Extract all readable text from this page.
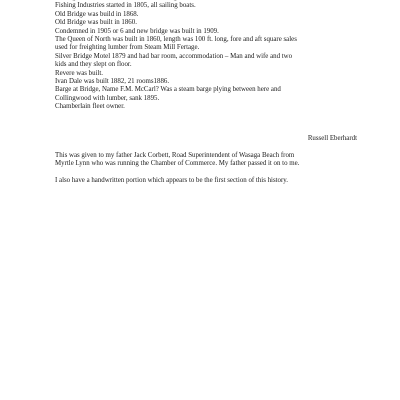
Fishing Industries started in 1805, all sailing boats.
Old Bridge was build in 1868.
Old Bridge was built in 1860.
Condemned in 1905 or 6 and new bridge was built in 1909.
The Queen of North was built in 1860, length was 100 ft. long, fore and aft square sales
used for freighting lumber from Steam Mill Fertage.
Silver Bridge Motel 1879 and had bar room, accommodation – Man and wife and two
kids and they slept on floor.
Revere was built.
Ivan Dale was built 1882, 21 rooms1886.
Barge at Bridge, Name F.M. McCarl? Was a steam barge plying between here and
Collingwood with lumber, sank 1895.
Chamberlain fleet owner.
Russell Eberhardt
This was given to my father Jack Corbett, Road Superintendent of Wasaga Beach from
Myrtle Lynn who was running the Chamber of Commerce. My father passed it on to me.
I also have a handwritten portion which appears to be the first section of this history.
